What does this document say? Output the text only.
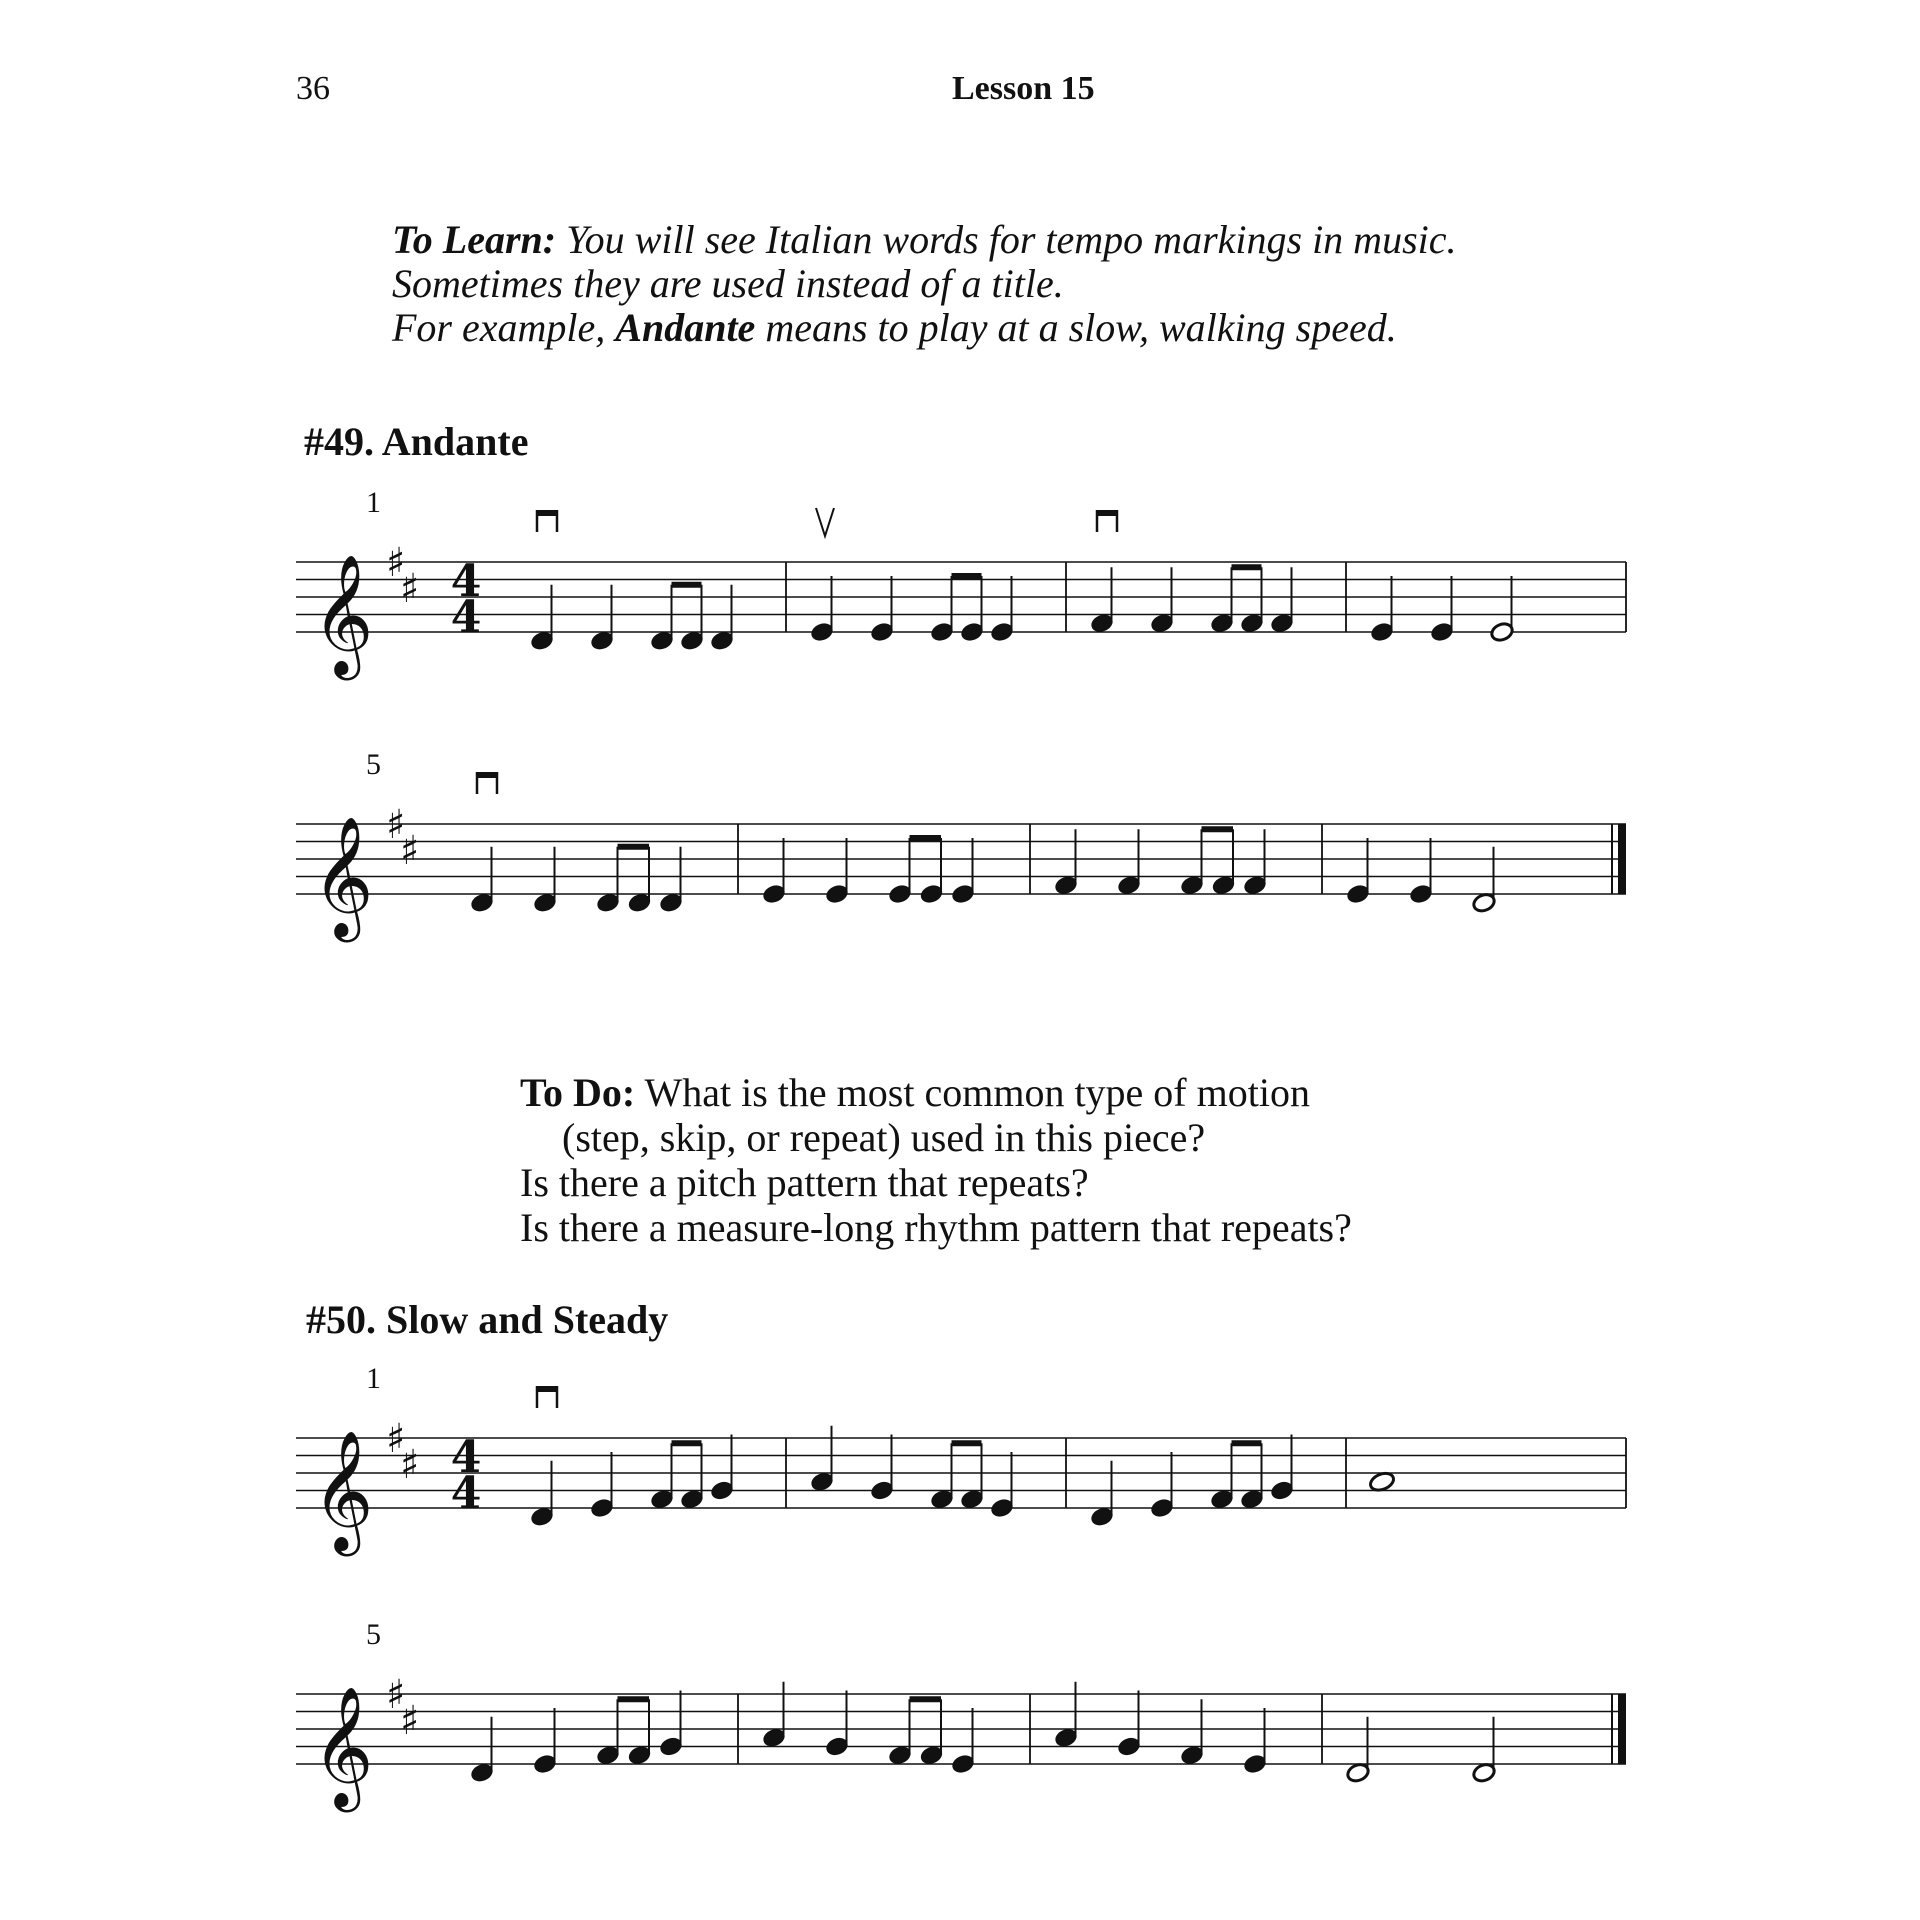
36	Lesson 15
To Learn: You will see Italian words for tempo markings in music.
Sometimes they are used instead of a title.
For example, Andante means to play at a slow, walking speed.
#49. Andante
1
𝄞 ♯
♯ 4
4
5
𝄞 ♯
♯
To Do: What is the most common type of motion
(step, skip, or repeat) used in this piece?
Is there a pitch pattern that repeats?
Is there a measure-long rhythm pattern that repeats?
#50. Slow and Steady
1
𝄞 ♯
♯ 4
4
5
𝄞 ♯
♯
